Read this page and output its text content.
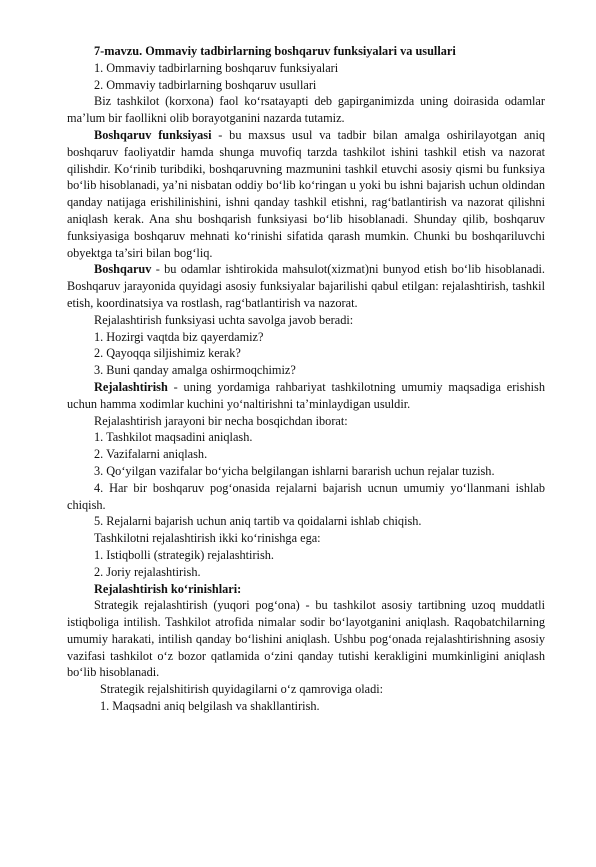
7-mavzu. Ommaviy tadbirlarning boshqaruv funksiyalari va usullari

1. Ommaviy tadbirlarning boshqaruv funksiyalari

2. Ommaviy tadbirlarning boshqaruv usullari

Biz tashkilot (korxona) faol ko‘rsatayapti deb gapirganimizda uning doirasida odamlar ma’lum bir faollikni olib borayotganini nazarda tutamiz.

Boshqaruv funksiyasi - bu maxsus usul va tadbir bilan amalga oshirilayotgan aniq boshqaruv faoliyatdir hamda shunga muvofiq tarzda tashkilot ishini tashkil etish va nazorat qilishdir. Ko‘rinib turibdiki, boshqaruvning mazmunini tashkil etuvchi asosiy qismi bu funksiya bo‘lib hisoblanadi, ya’ni nisbatan oddiy bo‘lib ko‘ringan u yoki bu ishni bajarish uchun oldindan qanday natijaga erishilinishini, ishni qanday tashkil etishni, rag‘batlantirish va nazorat qilishni aniqlash kerak. Ana shu boshqarish funksiyasi bo‘lib hisoblanadi. Shunday qilib, boshqaruv funksiyasiga boshqaruv mehnati ko‘rinishi sifatida qarash mumkin. Chunki bu boshqariluvchi obyektga ta’siri bilan bog‘liq.

Boshqaruv - bu odamlar ishtirokida mahsulot(xizmat)ni bunyod etish bo‘lib hisoblanadi. Boshqaruv jarayonida quyidagi asosiy funksiyalar bajarilishi qabul etilgan: rejalashtirish, tashkil etish, koordinatsiya va rostlash, rag‘batlantirish va nazorat.

Rejalashtirish funksiyasi uchta savolga javob beradi:

1. Hozirgi vaqtda biz qayerdamiz?

2. Qayoqqa siljishimiz kerak?

3. Buni qanday amalga oshirmoqchimiz?

Rejalashtirish - uning yordamiga rahbariyat tashkilotning umumiy maqsadiga erishish uchun hamma xodimlar kuchini yo‘naltirishni ta’minlaydigan usuldir.

Rejalashtirish jarayoni bir necha bosqichdan iborat:

1. Tashkilot maqsadini aniqlash.

2. Vazifalarni aniqlash.

3. Qo‘yilgan vazifalar bo‘yicha belgilangan ishlarni bararish uchun rejalar tuzish.

4. Har bir boshqaruv pog‘onasida rejalarni bajarish ucnun umumiy yo‘llanmani ishlab chiqish.

5. Rejalarni bajarish uchun aniq tartib va qoidalarni ishlab chiqish.

Tashkilotni rejalashtirish ikki ko‘rinishga ega:

1. Istiqbolli (strategik) rejalashtirish.

2. Joriy rejalashtirish.

Rejalashtirish ko‘rinishlari:

Strategik rejalashtirish (yuqori pog‘ona) - bu tashkilot asosiy tartibning uzoq muddatli istiqboliga intilish. Tashkilot atrofida nimalar sodir bo‘layotganini aniqlash. Raqobatchilarning umumiy harakati, intilish qanday bo‘lishini aniqlash. Ushbu pog‘onada rejalashtirishning asosiy vazifasi tashkilot o‘z bozor qatlamida o‘zini qanday tutishi kerakligini mumkinligini aniqlash bo‘lib hisoblanadi.

Strategik rejalshitirish quyidagilarni o‘z qamroviga oladi:

1. Maqsadni aniq belgilash va shakllantirish.
